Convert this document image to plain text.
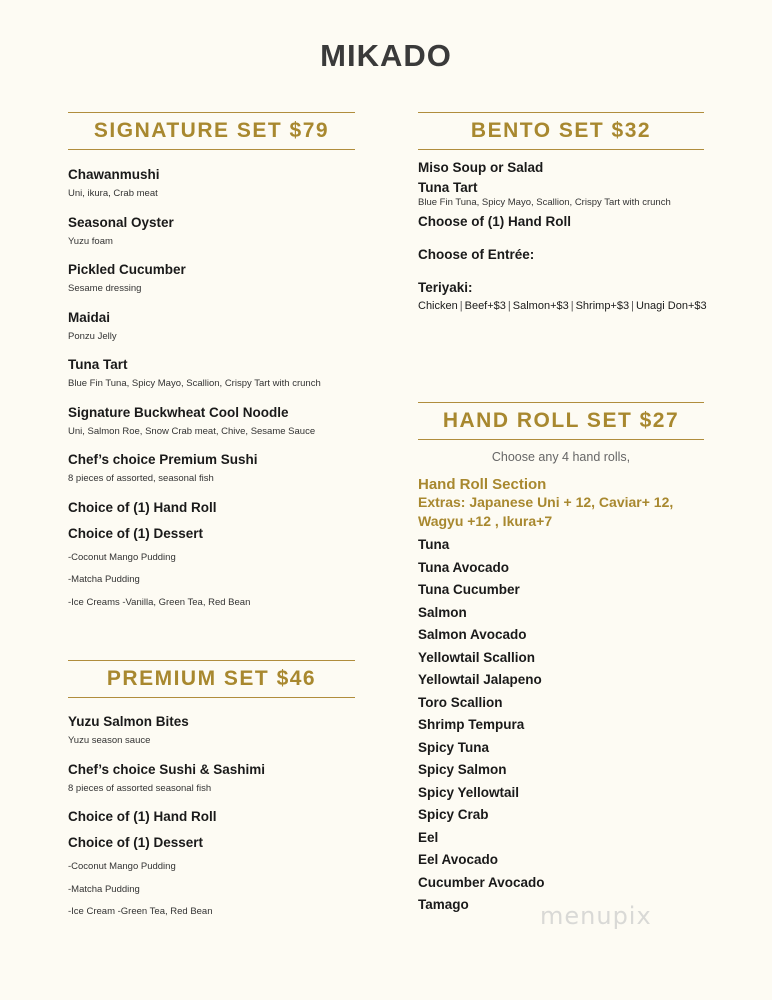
MIKADO
SIGNATURE SET $79
Chawanmushi
Uni, ikura, Crab meat
Seasonal Oyster
Yuzu foam
Pickled Cucumber
Sesame dressing
Maidai
Ponzu Jelly
Tuna Tart
Blue Fin Tuna, Spicy Mayo, Scallion, Crispy Tart with crunch
Signature Buckwheat Cool Noodle
Uni, Salmon Roe, Snow Crab meat, Chive, Sesame Sauce
Chef’s choice Premium Sushi
8 pieces of assorted, seasonal fish
Choice of (1) Hand Roll
Choice of (1) Dessert
-Coconut Mango Pudding
-Matcha Pudding
-Ice Creams -Vanilla, Green Tea, Red Bean
PREMIUM SET $46
Yuzu Salmon Bites
Yuzu season sauce
Chef’s choice Sushi & Sashimi
8 pieces of assorted seasonal fish
Choice of (1) Hand Roll
Choice of (1) Dessert
-Coconut Mango Pudding
-Matcha Pudding
-Ice Cream -Green Tea, Red Bean
BENTO SET $32
Miso Soup or Salad
Tuna Tart
Blue Fin Tuna, Spicy Mayo, Scallion, Crispy Tart with crunch
Choose of (1) Hand Roll
Choose of Entrée:
Teriyaki:
Chicken | Beef+$3 | Salmon+$3 | Shrimp+$3 | Unagi Don+$3
HAND ROLL SET $27
Choose any 4 hand rolls,
Hand Roll Section
Extras: Japanese Uni + 12, Caviar+ 12,
Wagyu +12 , Ikura+7
Tuna
Tuna Avocado
Tuna Cucumber
Salmon
Salmon Avocado
Yellowtail Scallion
Yellowtail Jalapeno
Toro Scallion
Shrimp Tempura
Spicy Tuna
Spicy Salmon
Spicy Yellowtail
Spicy Crab
Eel
Eel Avocado
Cucumber Avocado
Tamago	menupix
